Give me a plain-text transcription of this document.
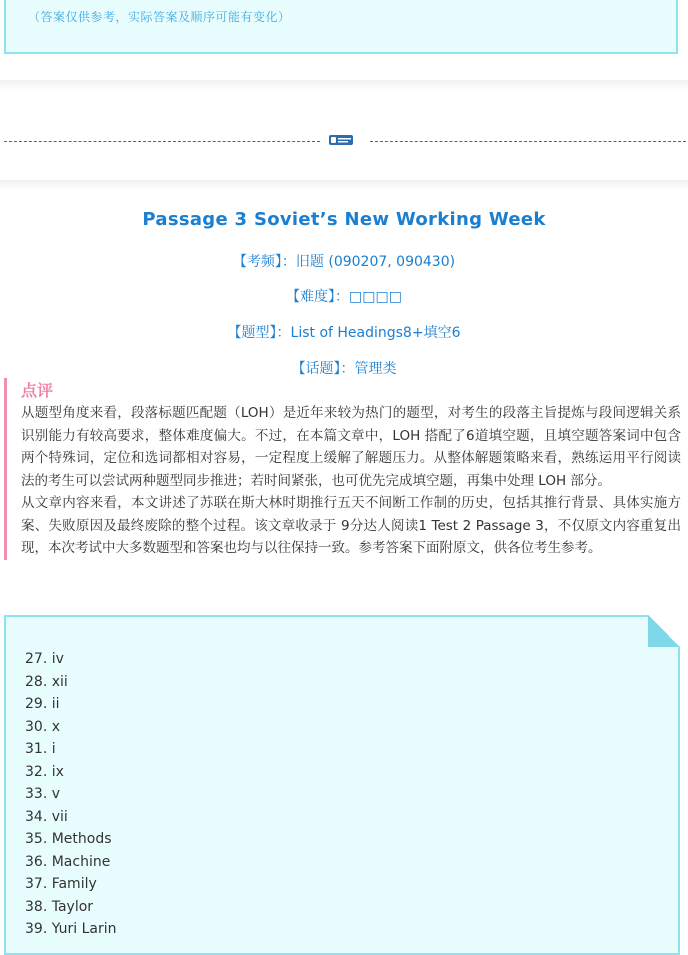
（答案仅供参考，实际答案及顺序可能有变化）
Passage 3 Soviet’s New Working Week
【考频】：旧题 (090207, 090430)
【难度】：□□□□
【题型】：List of Headings8+填空6
【话题】：管理类
点评

从题型角度来看，段落标题匹配题（LOH）是近年来较为热门的题型，对考生的段落主旨提炼与段间逻辑关系识别能力有较高要求，整体难度偏大。不过，在本篇文章中，LOH 搭配了6道填空题，且填空题答案词中包含两个特殊词，定位和选词都相对容易，一定程度上缓解了解题压力。从整体解题策略来看，熟练运用平行阅读法的考生可以尝试两种题型同步推进；若时间紧张，也可优先完成填空题，再集中处理 LOH 部分。

从文章内容来看，本文讲述了苏联在斯大林时期推行五天不间断工作制的历史，包括其推行背景、具体实施方案、失败原因及最终废除的整个过程。该文章收录于 9分达人阅读1 Test 2 Passage 3，不仅原文内容重复出现，本次考试中大多数题型和答案也均与以往保持一致。参考答案下面附原文，供各位考生参考。

27. iv
28. xii
29. ii
30. x
31. i
32. ix
33. v
34. vii
35. Methods
36. Machine
37. Family
38. Taylor
39. Yuri Larin
